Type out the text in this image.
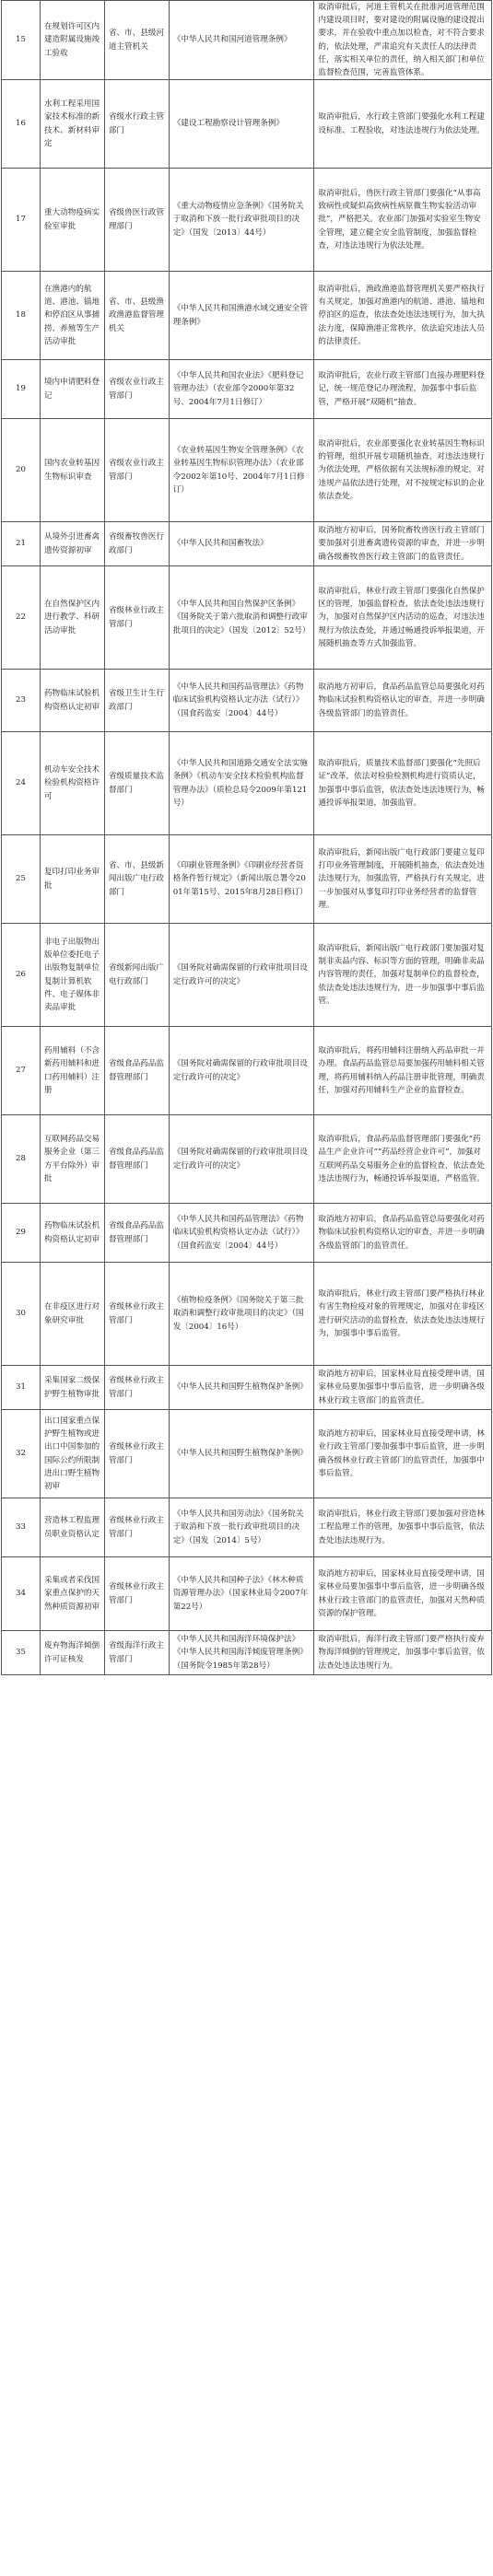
15
在规划许可区内建造附属设施竣工验收
省、市、县级河道主管机关
《中华人民共和国河道管理条例》
取消审批后，河道主管机关在批准河道管理范围内建设项目时，要对建设的附属设施的建设提出要求，并在验收中重点加以检查，对不符合要求的，依法处理，严肃追究有关责任人的法律责任，落实相关单位的责任，纳入相关部门和单位监督检查范围，完善监管体系。
16
水利工程采用国家技术标准的新技术、新材料审定
省级水行政主管部门
《建设工程勘察设计管理条例》
取消审批后，水行政主管部门要强化水利工程建设标准、工程验收，对违法违规行为依法处理。
17
重大动物疫病实验室审批
省级兽医行政管理部门
《重大动物疫情应急条例》《国务院关于取消和下放一批行政审批项目的决定》（国发〔2013〕44号）
取消审批后，兽医行政主管部门要强化“从事高致病性或疑似高致病性病原微生物实验活动审批”，严格把关。农业部门加强对实验室生物安全管理，建立健全安全监管制度，加强监督检查，对违法违规行为依法处理。
18
在渔港内的航道、港池、锚地和停泊区从事捕捞、养殖等生产活动审批
省、市、县级渔政渔港监督管理机关
《中华人民共和国渔港水域交通安全管理条例》
取消审批后，渔政渔港监督管理机关要严格执行有关规定，加强对渔港内的航道、港池、锚地和停泊区的巡查，依法查处违法违规行为，加大执法力度，保障渔港正常秩序，依法追究违法人员的法律责任。
19
境内申请肥料登记
省级农业行政主管部门
《中华人民共和国农业法》《肥料登记管理办法》（农业部令2000年第32号、2004年7月1日修订）
取消审批后，农业行政主管部门直接办理肥料登记，统一规范登记办理流程，加强事中事后监管，严格开展“双随机”抽查。
20
国内农业转基因生物标识审查
省级农业行政主管部门
《农业转基因生物安全管理条例》《农业转基因生物标识管理办法》（农业部令2002年第10号、2004年7月1日修订）
取消审批后，农业部要强化农业转基因生物标识的管理，组织开展专项随机抽查，对违法违规行为依法处理，严格依据有关法规标准的规定，对违规产品依法进行处理，对不按规定标识的企业依法查处。
21
从境外引进畜禽遗传资源初审
省级畜牧兽医行政部门
《中华人民共和国畜牧法》
取消地方初审后，国务院畜牧兽医行政主管部门要加强对引进畜禽遗传资源的审查，并进一步明确各级畜牧兽医行政主管部门的监管责任。
22
在自然保护区内进行教学、科研活动审批
省级林业行政主管部门
《中华人民共和国自然保护区条例》《国务院关于第六批取消和调整行政审批项目的决定》（国发〔2012〕52号）
取消审批后，林业行政主管部门要强化自然保护区的管理，加强监督检查，依法查处违法违规行为，加强对自然保护区内活动的巡查，对违法违规行为依法查处，并通过畅通投诉举报渠道，开展随机抽查等方式加强监管。
23
药物临床试验机构资格认定初审
省级卫生计生行政部门
《中华人民共和国药品管理法》《药物临床试验机构资格认定办法（试行）》（国食药监安〔2004〕44号）
取消地方初审后，食品药品监管总局要强化对药物临床试验机构资格认定的审查，并进一步明确各级监管部门的监管责任。
24
机动车安全技术检验机构资格许可
省级质量技术监督部门
《中华人民共和国道路交通安全法实施条例》《机动车安全技术检验机构监督管理办法》（质检总局令2009年第121号）
取消审批后，质量技术监督部门要强化“先照后证”改革，依法对检验检测机构进行资质认定，加强事中事后监管，依法查处违法违规行为，畅通投诉举报渠道，加强监管。
25
复印打印业务审批
省、市、县级新闻出版广电行政部门
《印刷业管理条例》《印刷业经营者资格条件暂行规定》（新闻出版总署令2001年第15号、2015年8月28日修订）
取消审批后，新闻出版广电行政部门要建立复印打印业务管理制度，开展随机抽查，依法查处违法违规行为，加强监管，严格执行有关规定，进一步加强对从事复印打印业务经营者的监督管理。
26
非电子出版物出版单位委托电子出版物复制单位复制计算机软件、电子媒体非卖品审批
省级新闻出版广电行政部门
《国务院对确需保留的行政审批项目设定行政许可的决定》
取消审批后，新闻出版广电行政部门要加强对复制非卖品内容、标识等方面的管理，明确非卖品内容管理的责任，加强对复制单位的监督检查，依法查处违法违规行为，进一步加强事中事后监管。
27
药用辅料（不含新药用辅料和进口药用辅料）注册
省级食品药品监督管理部门
《国务院对确需保留的行政审批项目设定行政许可的决定》
取消审批后，将药用辅料注册纳入药品审批一并办理。食品药品监管总局要加强药用辅料相关管理，将药用辅料纳入药品注册审批管理，明确责任，加强对药用辅料生产企业的监督检查。
28
互联网药品交易服务企业（第三方平台除外）审批
省级食品药品监督管理部门
《国务院对确需保留的行政审批项目设定行政许可的决定》
取消审批后，食品药品监督管理部门要强化“药品生产企业许可”“药品经营企业许可”，加强对互联网药品交易服务企业的监督检查，依法查处违法违规行为，畅通投诉举报渠道，严格监管。
29
药物临床试验机构资格认定初审
省级食品药品监督管理部门
《中华人民共和国药品管理法》《药物临床试验机构资格认定办法（试行）》（国食药监安〔2004〕44号）
取消地方初审后，食品药品监管总局要强化对药物临床试验机构资格认定的审查，并进一步明确各级监管部门的监管责任。
30
在非疫区进行对象研究审批
省级林业行政主管部门
《植物检疫条例》《国务院关于第三批取消和调整行政审批项目的决定》（国发〔2004〕16号）
取消审批后，林业行政主管部门要严格执行林业有害生物检疫对象的管理规定，加强对在非疫区进行研究活动的监督检查，依法查处违法违规行为，加强事中事后监管。
31
采集国家二级保护野生植物审批
省级林业行政主管部门
《中华人民共和国野生植物保护条例》
取消地方初审后，国家林业局直接受理申请，国家林业局要加强事中事后监管，进一步明确各级林业行政主管部门的监管责任。
32
出口国家重点保护野生植物或进出口中国参加的国际公约所限制进出口野生植物初审
省级林业行政主管部门
《中华人民共和国野生植物保护条例》
取消地方初审后，国家林业局直接受理申请，林业行政主管部门要加强事中事后监管，进一步明确各级林业行政主管部门的监管责任，加强事中事后监管。
33
营造林工程监理员职业资格认定
省级林业行政主管部门
《中华人民共和国劳动法》《国务院关于取消和下放一批行政审批项目的决定》（国发〔2014〕5号）
取消审批后，林业行政主管部门要加强对营造林工程监理工作的管理，加强事中事后监管，依法查处违法违规行为。
34
采集或者采伐国家重点保护的天然种质资源初审
省级林业行政主管部门
《中华人民共和国种子法》《林木种质资源管理办法》（国家林业局令2007年第22号）
取消地方初审后，国家林业局直接受理申请，国家林业局要加强事中事后监管，进一步明确各级林业行政主管部门的监管责任，加强对天然种质资源的保护管理。
35
废弃物海洋倾倒许可证核发
省级海洋行政主管部门
《中华人民共和国海洋环境保护法》《中华人民共和国海洋倾废管理条例》（国务院令1985年第28号）
取消审批后，海洋行政主管部门要严格执行废弃物海洋倾倒的管理规定，加强事中事后监管，依法查处违法违规行为。
